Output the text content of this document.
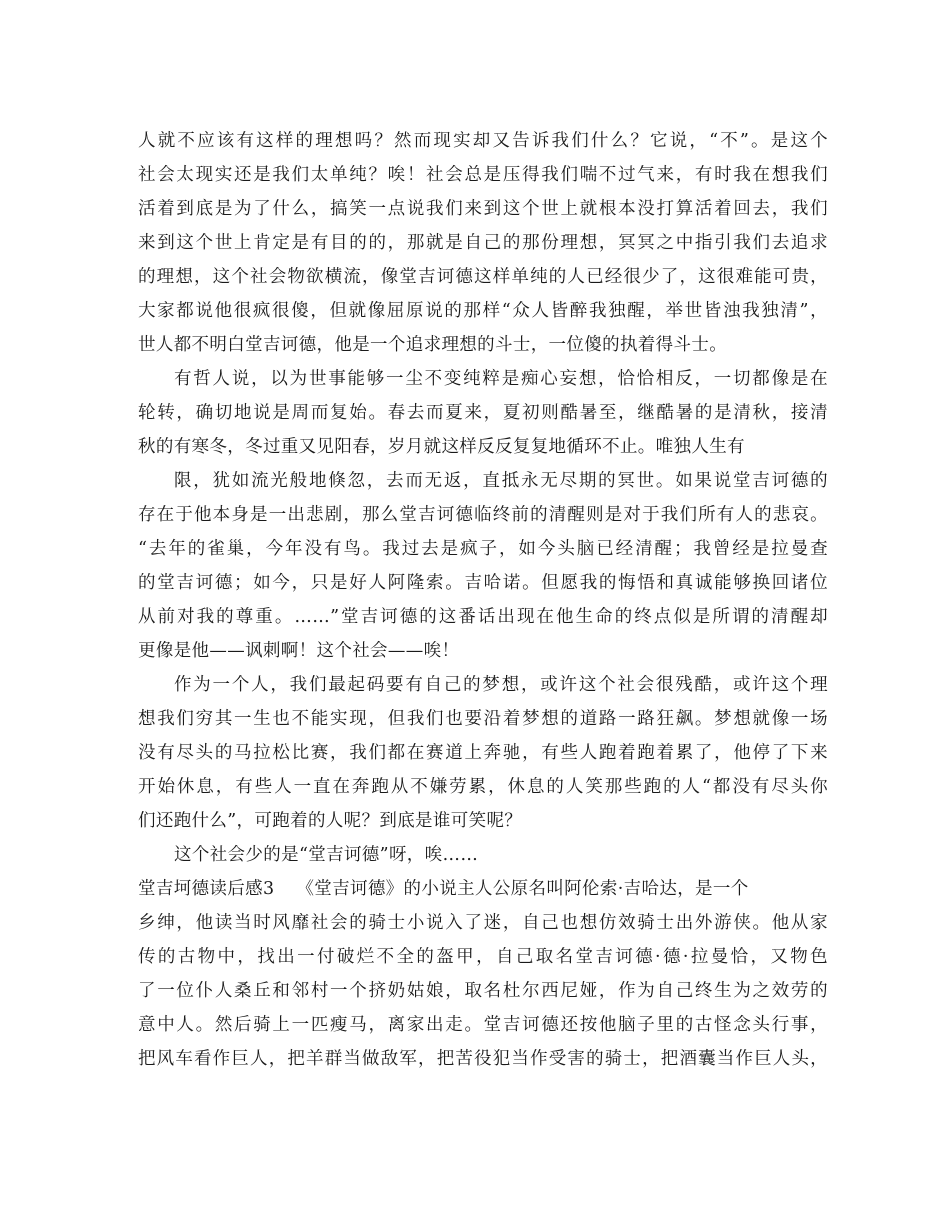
人就不应该有这样的理想吗？然而现实却又告诉我们什么？它说，“不”。是这个
社会太现实还是我们太单纯？唉！社会总是压得我们喘不过气来，有时我在想我们
活着到底是为了什么，搞笑一点说我们来到这个世上就根本没打算活着回去，我们
来到这个世上肯定是有目的的，那就是自己的那份理想，冥冥之中指引我们去追求
的理想，这个社会物欲横流，像堂吉诃德这样单纯的人已经很少了，这很难能可贵，
大家都说他很疯很傻，但就像屈原说的那样“众人皆醉我独醒，举世皆浊我独清”，
世人都不明白堂吉诃德，他是一个追求理想的斗士，一位傻的执着得斗士。
有哲人说，以为世事能够一尘不变纯粹是痴心妄想，恰恰相反，一切都像是在
轮转，确切地说是周而复始。春去而夏来，夏初则酷暑至，继酷暑的是清秋，接清
秋的有寒冬，冬过重又见阳春，岁月就这样反反复复地循环不止。唯独人生有
限，犹如流光般地倏忽，去而无返，直抵永无尽期的冥世。如果说堂吉诃德的
存在于他本身是一出悲剧，那么堂吉诃德临终前的清醒则是对于我们所有人的悲哀。
“去年的雀巢，今年没有鸟。我过去是疯子，如今头脑已经清醒；我曾经是拉曼查
的堂吉诃德；如今，只是好人阿隆索。吉哈诺。但愿我的悔悟和真诚能够换回诸位
从前对我的尊重。……”堂吉诃德的这番话出现在他生命的终点似是所谓的清醒却
更像是他——讽刺啊！这个社会——唉！
作为一个人，我们最起码要有自己的梦想，或许这个社会很残酷，或许这个理
想我们穷其一生也不能实现，但我们也要沿着梦想的道路一路狂飙。梦想就像一场
没有尽头的马拉松比赛，我们都在赛道上奔驰，有些人跑着跑着累了，他停了下来
开始休息，有些人一直在奔跑从不嫌劳累，休息的人笑那些跑的人“都没有尽头你
们还跑什么”，可跑着的人呢？到底是谁可笑呢？
这个社会少的是“堂吉诃德”呀，唉……
堂吉坷德读后感3 《堂吉诃德》的小说主人公原名叫阿伦索·吉哈达，是一个
乡绅，他读当时风靡社会的骑士小说入了迷，自己也想仿效骑士出外游侠。他从家
传的古物中，找出一付破烂不全的盔甲，自己取名堂吉诃德·德·拉曼恰，又物色
了一位仆人桑丘和邻村一个挤奶姑娘，取名杜尔西尼娅，作为自己终生为之效劳的
意中人。然后骑上一匹瘦马，离家出走。堂吉诃德还按他脑子里的古怪念头行事，
把风车看作巨人，把羊群当做敌军，把苦役犯当作受害的骑士，把酒囊当作巨人头，
